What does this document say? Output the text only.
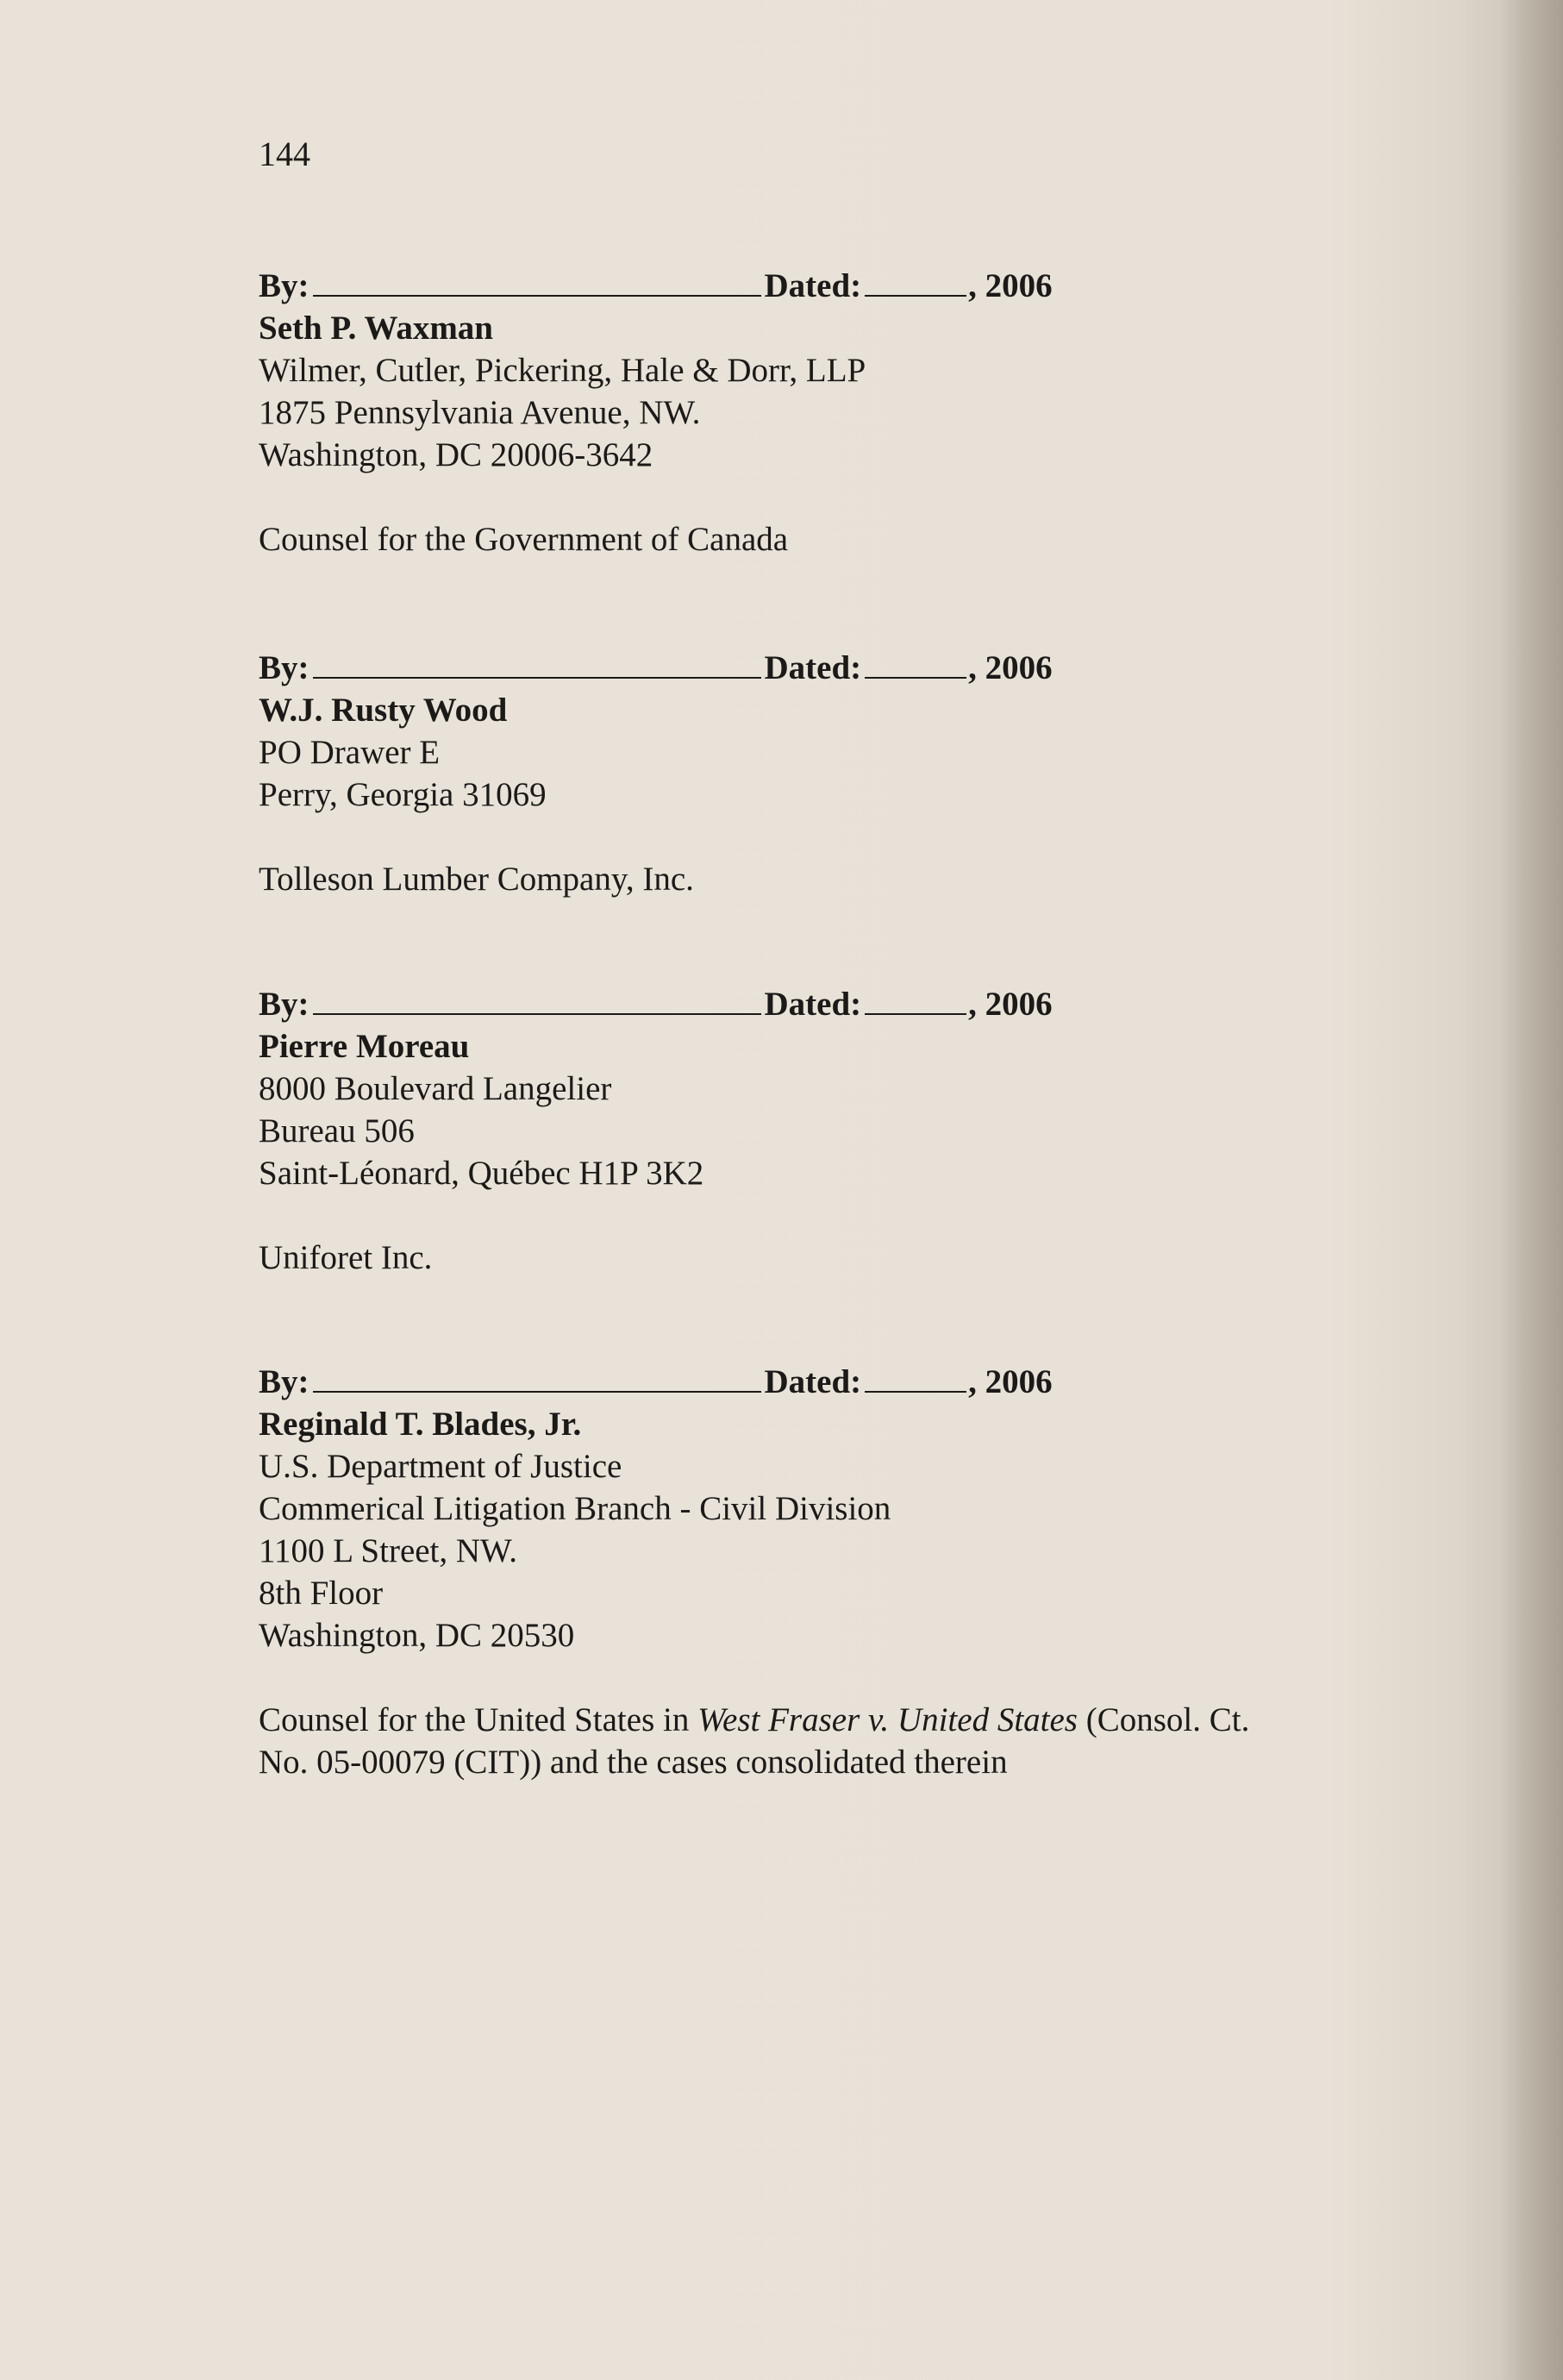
144
By:	Dated:	, 2006
Seth P. Waxman
Wilmer, Cutler, Pickering, Hale & Dorr, LLP
1875 Pennsylvania Avenue, NW.
Washington, DC 20006-3642
Counsel for the Government of Canada
By:	Dated:	, 2006
W.J. Rusty Wood
PO Drawer E
Perry, Georgia 31069
Tolleson Lumber Company, Inc.
By:	Dated:	, 2006
Pierre Moreau
8000 Boulevard Langelier
Bureau 506
Saint-Léonard, Québec H1P 3K2
Uniforet Inc.
By:	Dated:	, 2006
Reginald T. Blades, Jr.
U.S. Department of Justice
Commerical Litigation Branch - Civil Division
1100 L Street, NW.
8th Floor
Washington, DC 20530
Counsel for the United States in West Fraser v. United States (Consol. Ct.
No. 05-00079 (CIT)) and the cases consolidated therein
